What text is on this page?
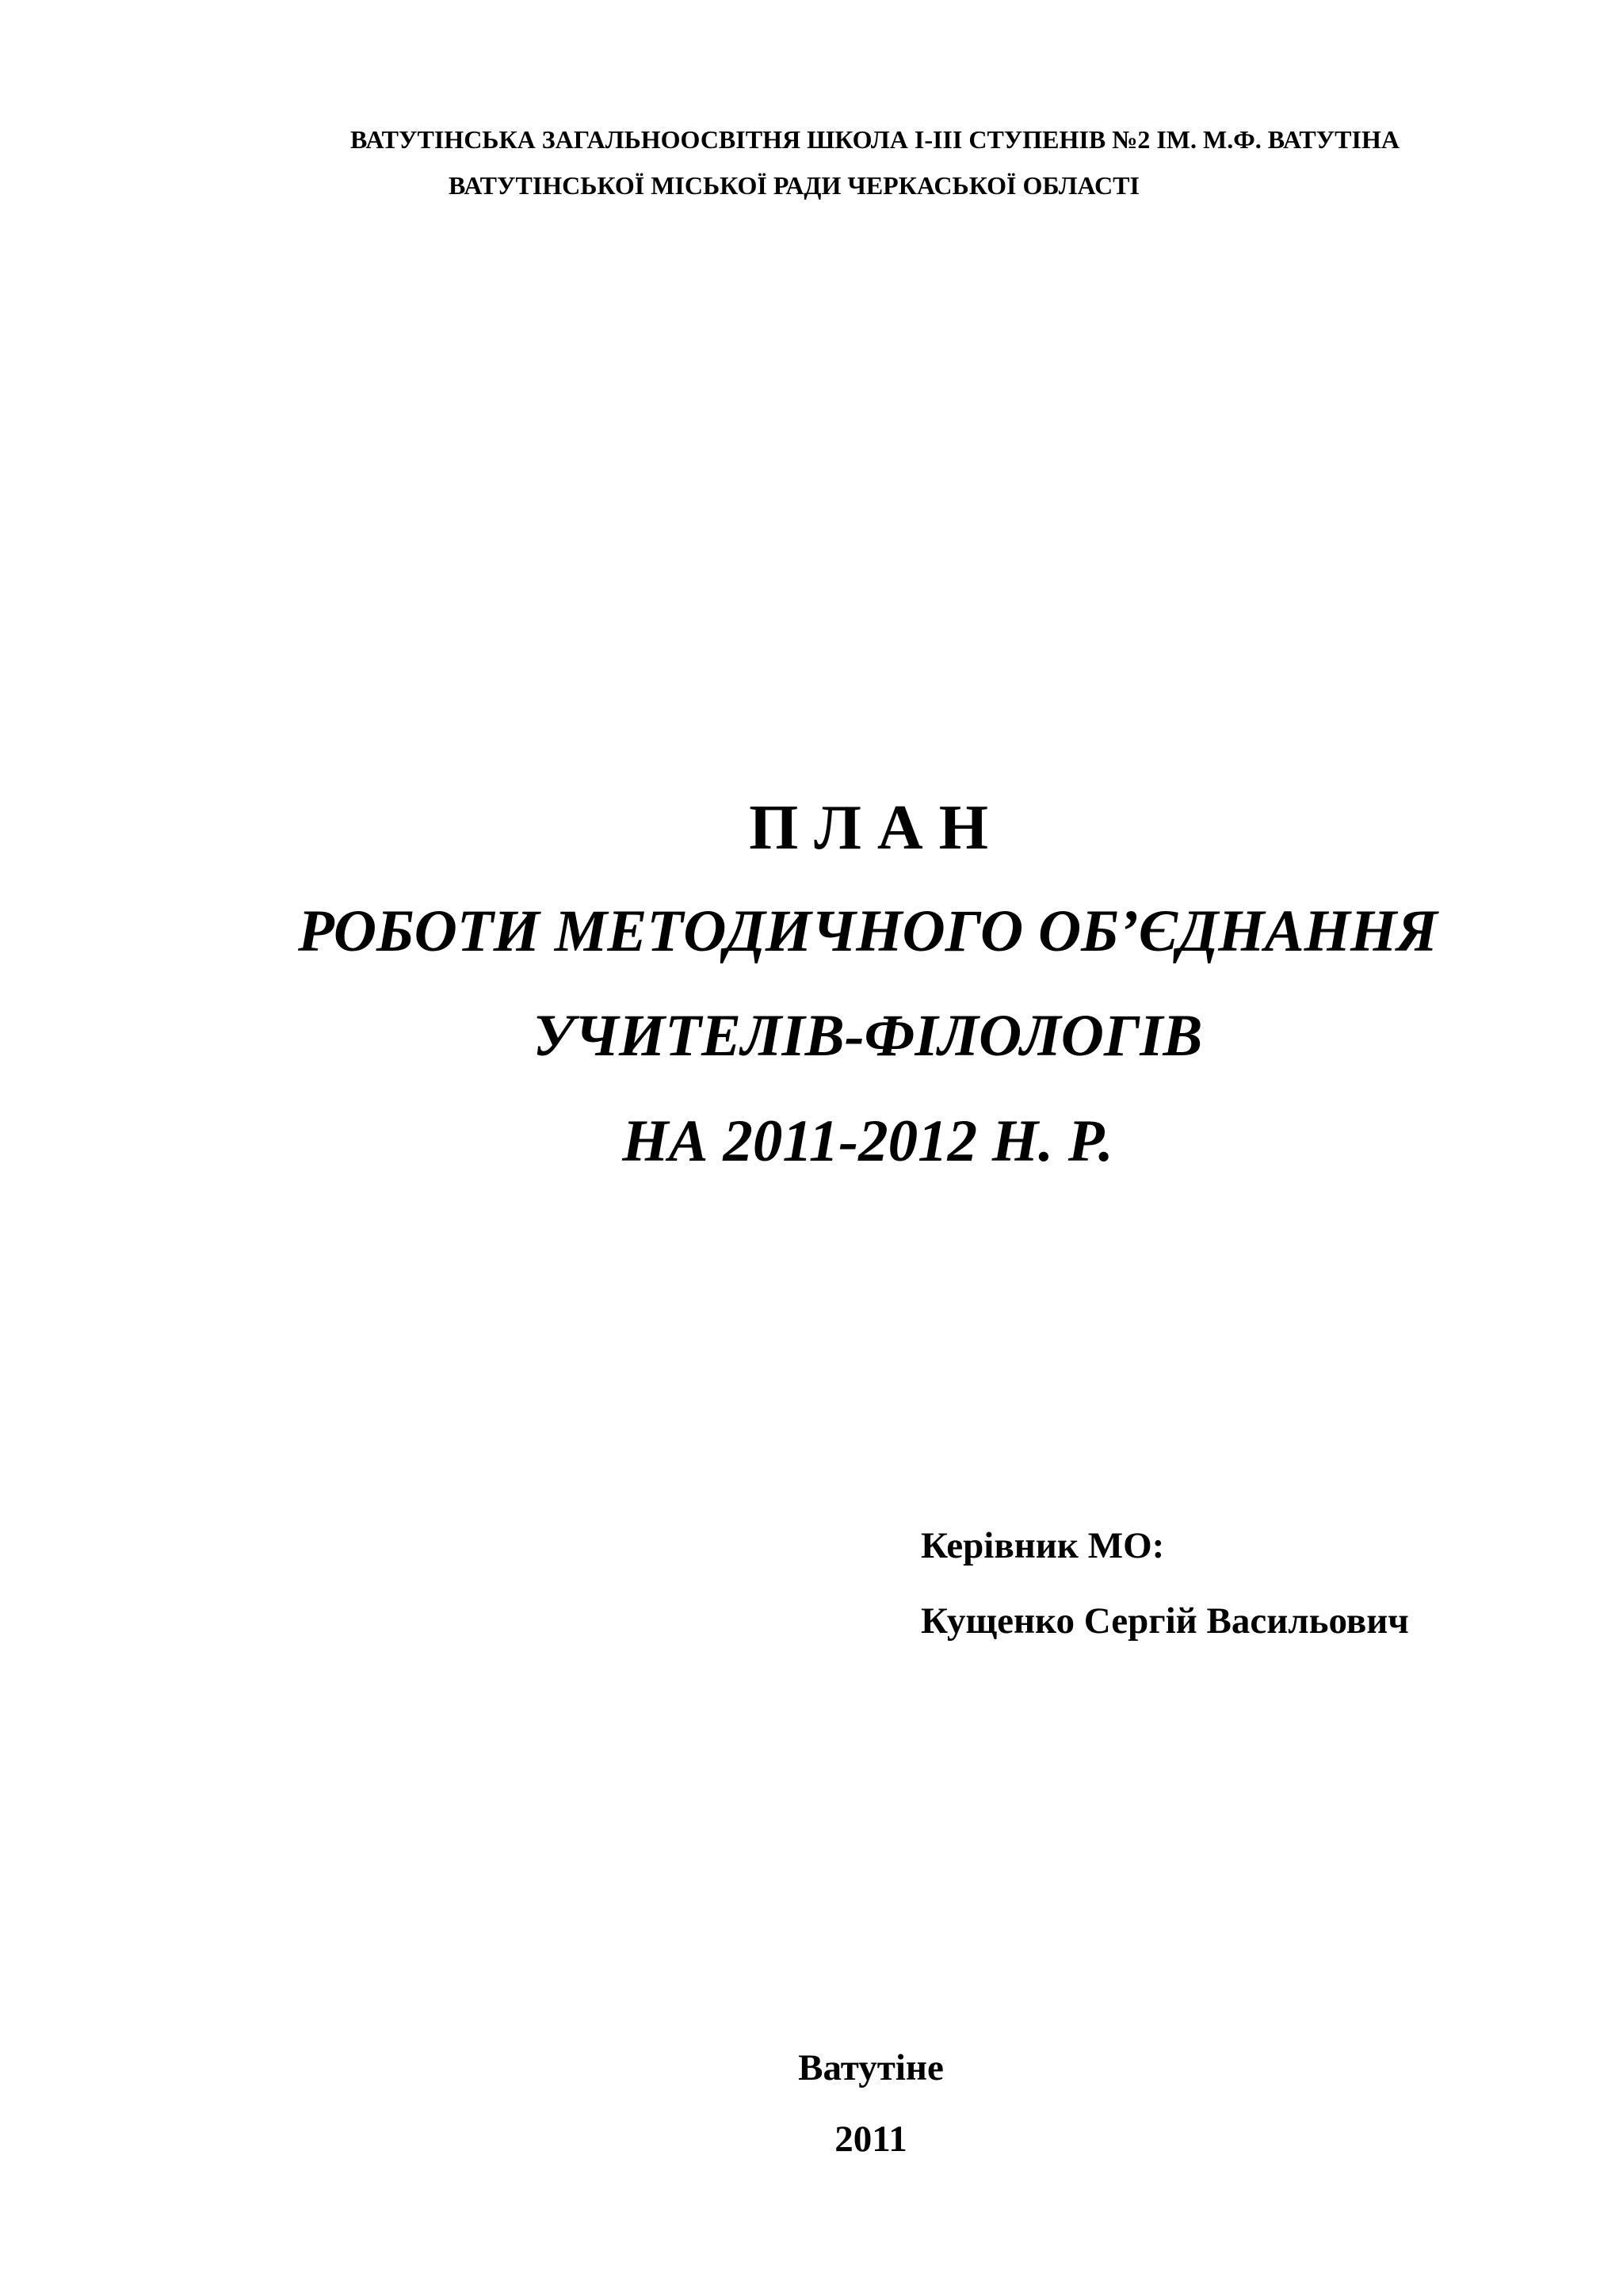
ВАТУТІНСЬКА ЗАГАЛЬНООСВІТНЯ ШКОЛА І-ІІІ СТУПЕНІВ №2 ІМ. М.Ф. ВАТУТІНА
ВАТУТІНСЬКОЇ МІСЬКОЇ РАДИ ЧЕРКАСЬКОЇ ОБЛАСТІ
П Л А Н
РОБОТИ МЕТОДИЧНОГО ОБ’ЄДНАННЯ
УЧИТЕЛІВ-ФІЛОЛОГІВ
НА 2011-2012 Н. Р.
Керівник МО:
Кущенко Сергій Васильович
Ватутіне
2011
